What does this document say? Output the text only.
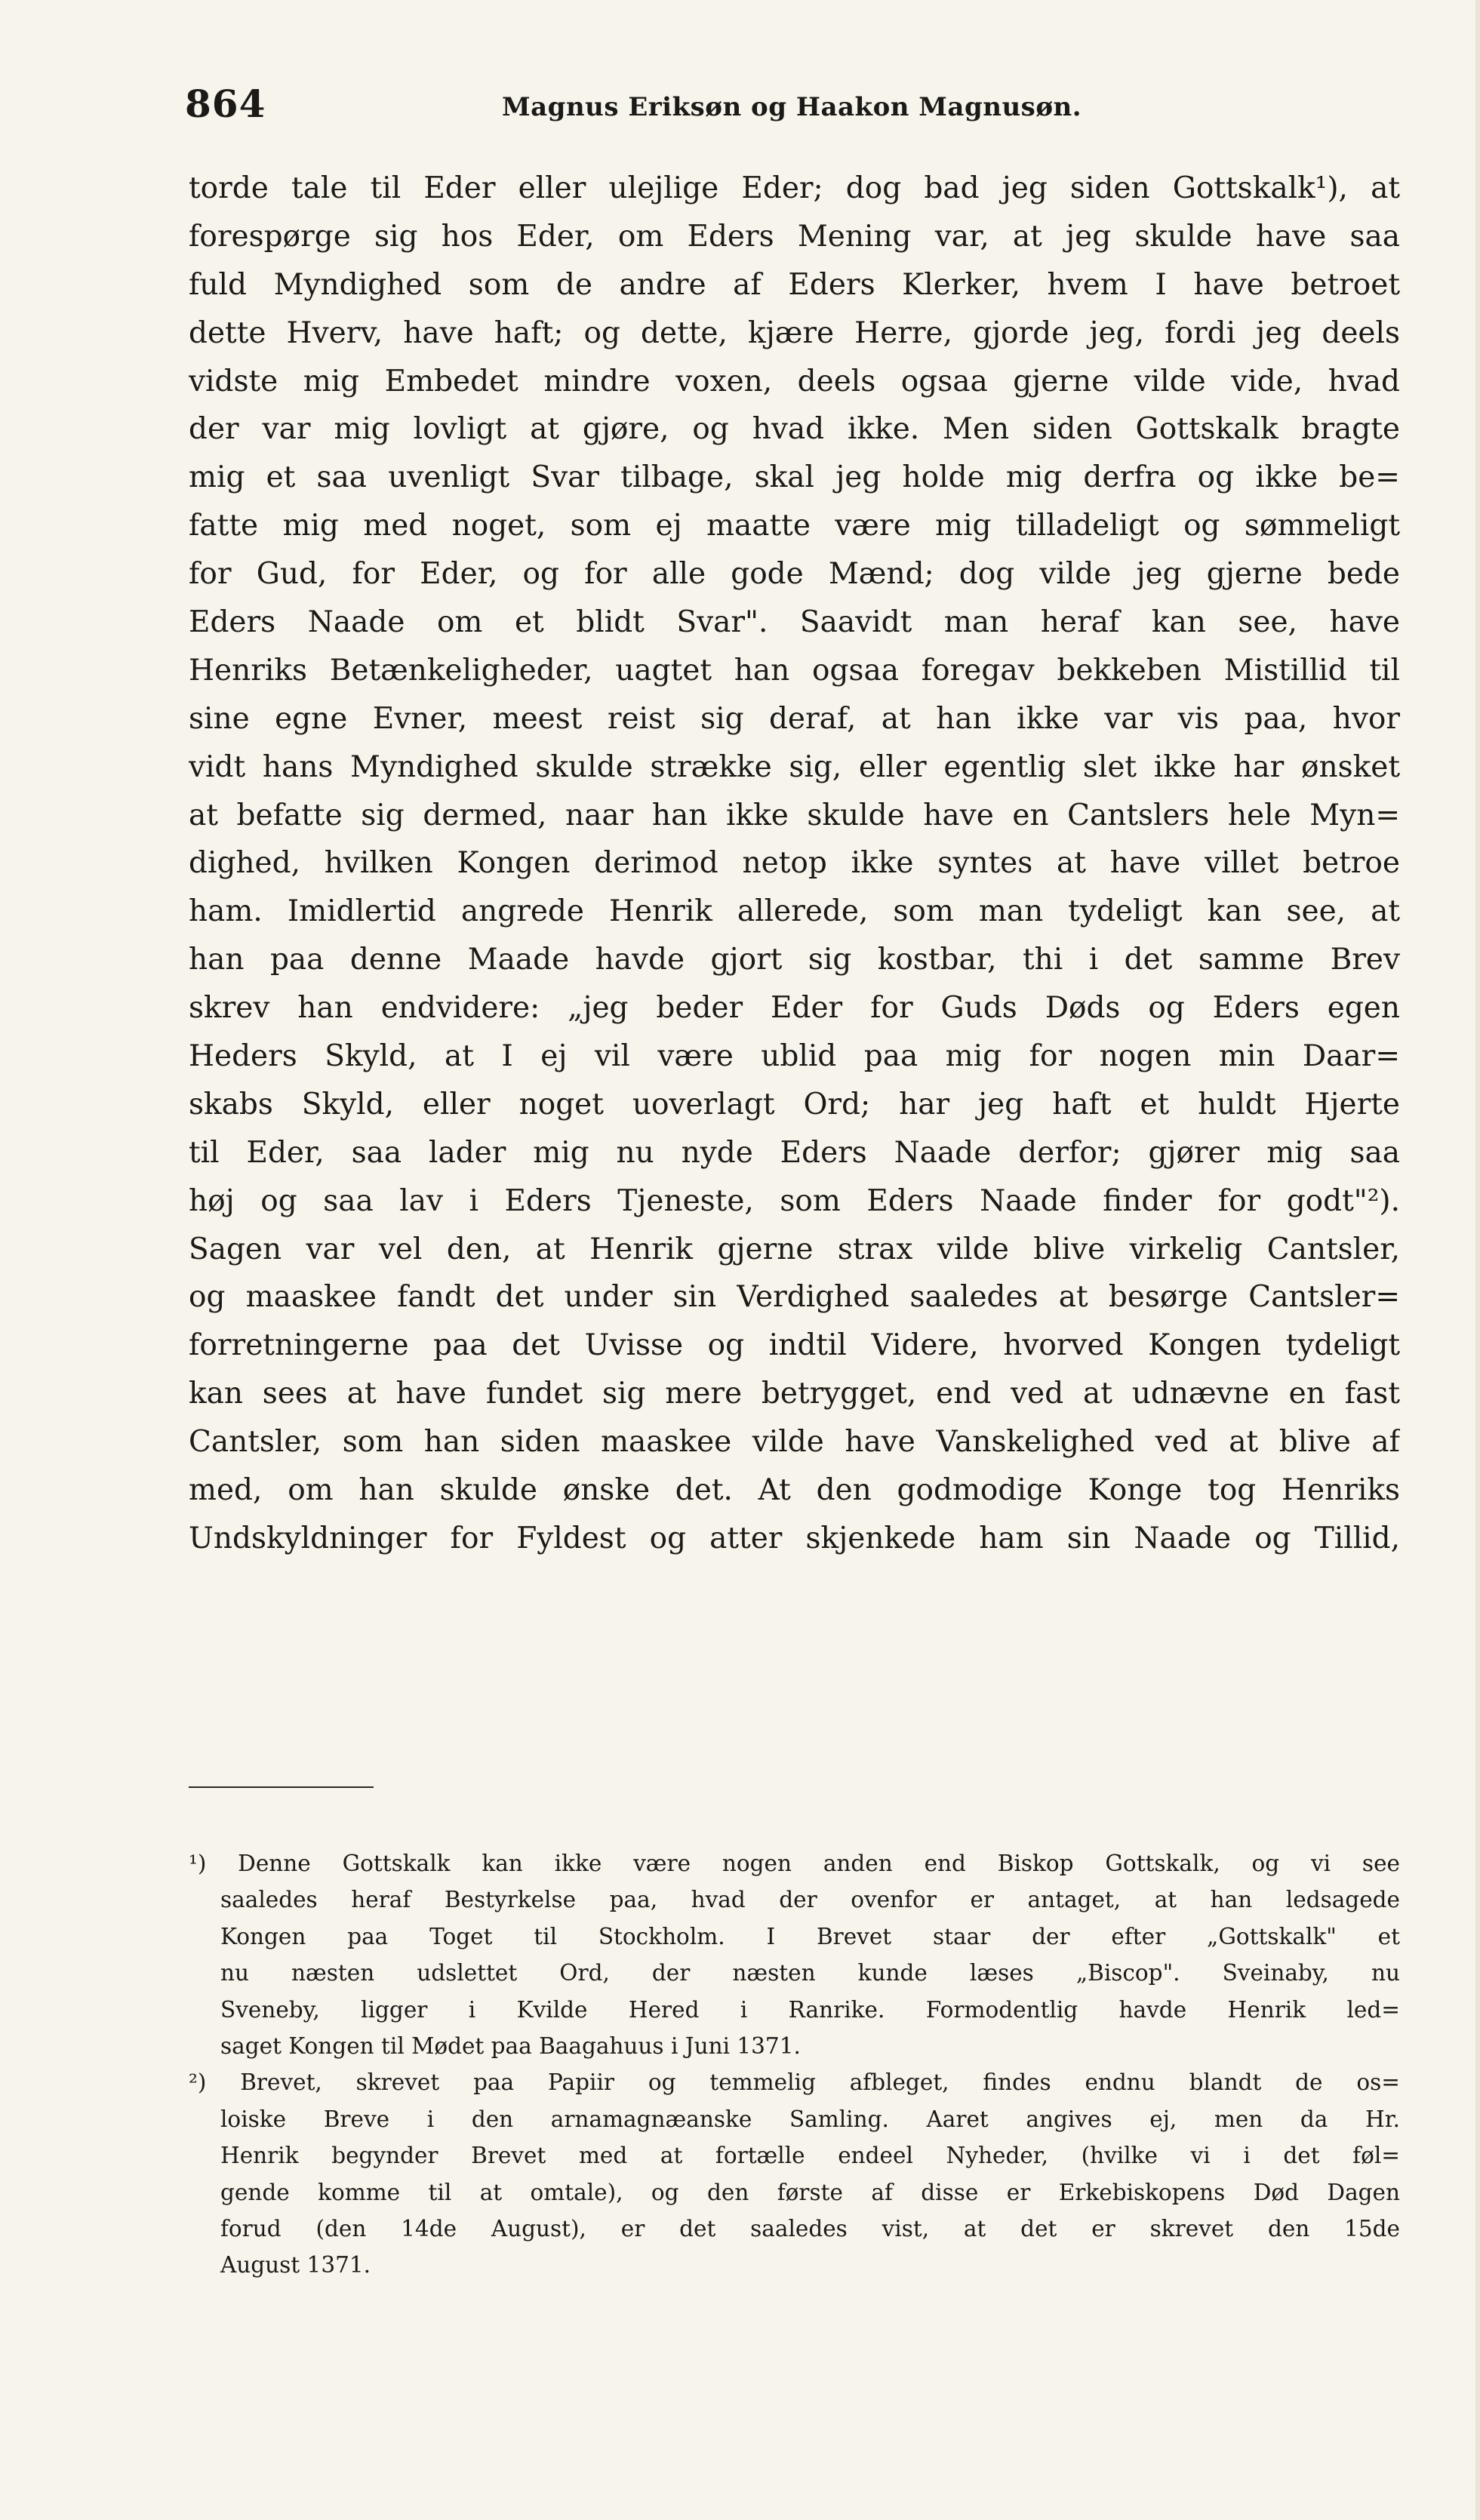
864	Magnus Eriksøn og Haakon Magnusøn.
torde tale til Eder eller ulejlige Eder; dog bad jeg siden Gottskalk¹), at
forespørge sig hos Eder, om Eders Mening var, at jeg skulde have saa
fuld Myndighed som de andre af Eders Klerker, hvem I have betroet
dette Hverv, have haft; og dette, kjære Herre, gjorde jeg, fordi jeg deels
vidste mig Embedet mindre voxen, deels ogsaa gjerne vilde vide, hvad
der var mig lovligt at gjøre, og hvad ikke. Men siden Gottskalk bragte
mig et saa uvenligt Svar tilbage, skal jeg holde mig derfra og ikke be=
fatte mig med noget, som ej maatte være mig tilladeligt og sømmeligt
for Gud, for Eder, og for alle gode Mænd; dog vilde jeg gjerne bede
Eders Naade om et blidt Svar". Saavidt man heraf kan see, have
Henriks Betænkeligheder, uagtet han ogsaa foregav bekkeben Mistillid til
sine egne Evner, meest reist sig deraf, at han ikke var vis paa, hvor
vidt hans Myndighed skulde strække sig, eller egentlig slet ikke har ønsket
at befatte sig dermed, naar han ikke skulde have en Cantslers hele Myn=
dighed, hvilken Kongen derimod netop ikke syntes at have villet betroe
ham. Imidlertid angrede Henrik allerede, som man tydeligt kan see, at
han paa denne Maade havde gjort sig kostbar, thi i det samme Brev
skrev han endvidere: „jeg beder Eder for Guds Døds og Eders egen
Heders Skyld, at I ej vil være ublid paa mig for nogen min Daar=
skabs Skyld, eller noget uoverlagt Ord; har jeg haft et huldt Hjerte
til Eder, saa lader mig nu nyde Eders Naade derfor; gjører mig saa
høj og saa lav i Eders Tjeneste, som Eders Naade finder for godt"²).
Sagen var vel den, at Henrik gjerne strax vilde blive virkelig Cantsler,
og maaskee fandt det under sin Verdighed saaledes at besørge Cantsler=
forretningerne paa det Uvisse og indtil Videre, hvorved Kongen tydeligt
kan sees at have fundet sig mere betrygget, end ved at udnævne en fast
Cantsler, som han siden maaskee vilde have Vanskelighed ved at blive af
med, om han skulde ønske det. At den godmodige Konge tog Henriks
Undskyldninger for Fyldest og atter skjenkede ham sin Naade og Tillid,
¹) Denne Gottskalk kan ikke være nogen anden end Biskop Gottskalk, og vi see
saaledes heraf Bestyrkelse paa, hvad der ovenfor er antaget, at han ledsagede
Kongen paa Toget til Stockholm. I Brevet staar der efter „Gottskalk" et
nu næsten udslettet Ord, der næsten kunde læses „Biscop". Sveinaby, nu
Sveneby, ligger i Kvilde Hered i Ranrike. Formodentlig havde Henrik led=
saget Kongen til Mødet paa Baagahuus i Juni 1371.
²) Brevet, skrevet paa Papiir og temmelig afbleget, findes endnu blandt de os=
loiske Breve i den arnamagnæanske Samling. Aaret angives ej, men da Hr.
Henrik begynder Brevet med at fortælle endeel Nyheder, (hvilke vi i det føl=
gende komme til at omtale), og den første af disse er Erkebiskopens Død Dagen
forud (den 14de August), er det saaledes vist, at det er skrevet den 15de
August 1371.
